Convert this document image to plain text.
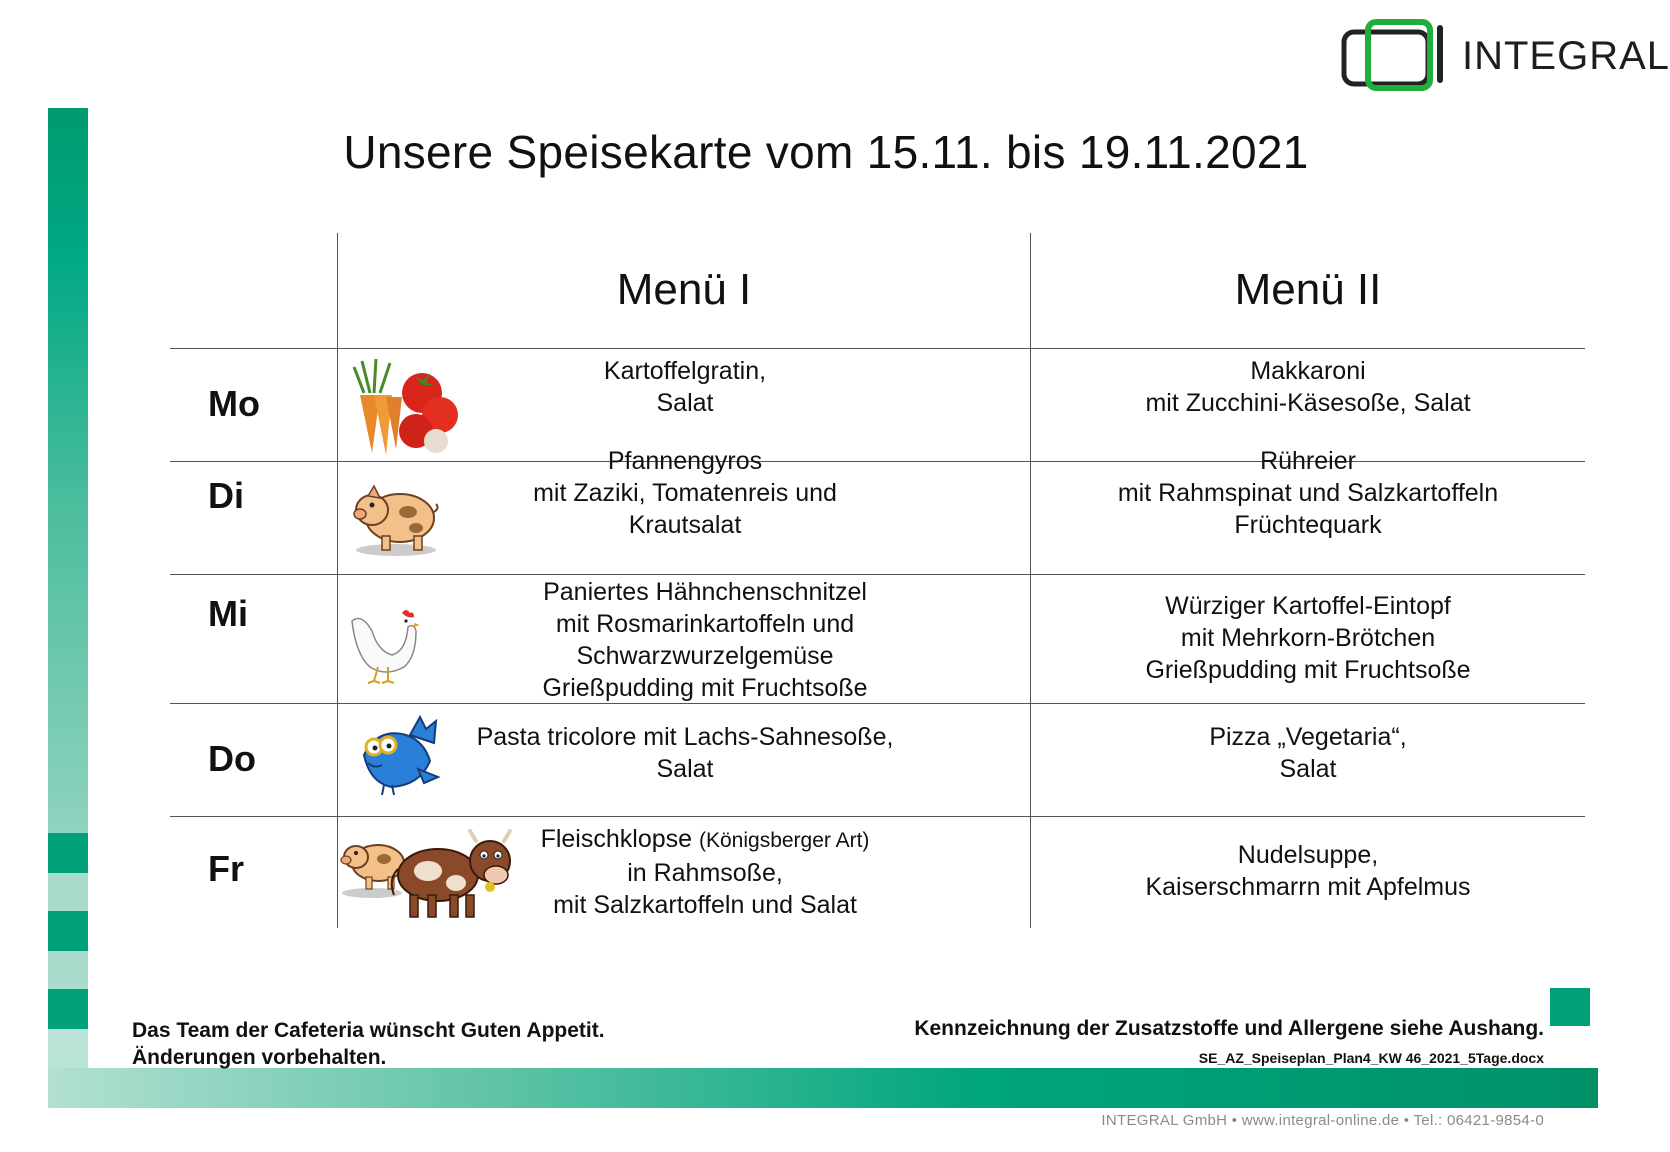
INTEGRAL
Unsere Speisekarte vom 15.11. bis 19.11.2021
Menü I	Menü II
Mo
Kartoffelgratin,
Salat
Makkaroni
mit Zucchini-Käsesoße, Salat
Di
Pfannengyros
mit Zaziki, Tomatenreis und
Krautsalat
Rühreier
mit Rahmspinat und Salzkartoffeln
Früchtequark
Mi
Paniertes Hähnchenschnitzel
mit Rosmarinkartoffeln und
Schwarzwurzelgemüse
Grießpudding mit Fruchtsoße
Würziger Kartoffel-Eintopf
mit Mehrkorn-Brötchen
Grießpudding mit Fruchtsoße
Do
Pasta tricolore mit Lachs-Sahnesoße,
Salat
Pizza „Vegetaria“,
Salat
Fr
Fleischklopse (Königsberger Art)
in Rahmsoße,
mit Salzkartoffeln und Salat
Nudelsuppe,
Kaiserschmarrn mit Apfelmus
Das Team der Cafeteria wünscht Guten Appetit.
Änderungen vorbehalten.
Kennzeichnung der Zusatzstoffe und Allergene siehe Aushang.
SE_AZ_Speiseplan_Plan4_KW 46_2021_5Tage.docx
INTEGRAL GmbH • www.integral-online.de • Tel.: 06421-9854-0
